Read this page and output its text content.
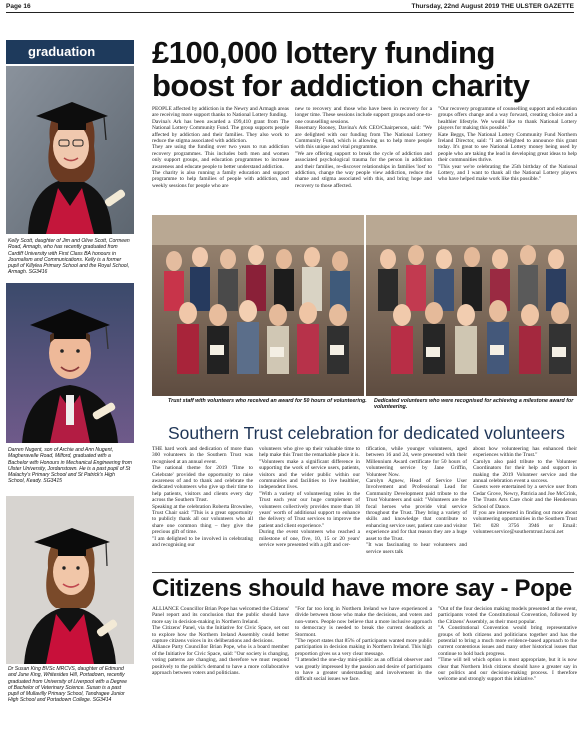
Page 16	Thursday, 22nd August 2019 THE ULSTER GAZETTE
graduation
Kelly Scott, daughter of Jim and Olive Scott, Cormeen Road, Armagh, who has recently graduated from Cardiff University with First Class BA honours in Journalism and Communications. Kelly is a former pupil of Killylea Primary School and the Royal School, Armagh. SG3416
Darren Nugent, son of Archie and Ann Nugent, Magheravelle Road, Milford, graduated with a Bachelor with Honours in Mechanical Engineering from Ulster University, Jordanstown. He is a past pupil of St Malachy's Primary School and St Patrick's High School, Keady. SG3415
Dr Susan King BVSc MRCVS, daughter of Edmund and June King, Whitesides Hill, Portadown, recently graduated from University of Liverpool with a Degree of Bachelor of Veterinary Science. Susan is a past pupil of Mullavilly Primary School, Tandragee Junior High School and Portadown College. SG3414
£100,000 lottery funding
boost for addiction charity

PEOPLE affected by addiction in the Newry and Armagh areas are receiving more support thanks to National Lottery funding.

Davina's Ark has been awarded a £99,410 grant from The National Lottery Community Fund. The group supports people affected by addiction and their families. They also work to reduce the stigma associated with addiction.

They are using the funding over two years to run addiction recovery programmes. This includes both men and women only support groups, and education programmes to increase awareness and educate people to better understand addiction.

The charity is also running a family education and support programme to help families of people with addiction, and weekly sessions for people who are

new to recovery and those who have been in recovery for a longer time. These sessions include support groups and one-to-one counselling sessions.

Rosemary Rooney, Davina's Ark CEO/Chairperson, said: "We are delighted with our funding from The National Lottery Community Fund, which is allowing us to help more people with this unique and vital programme.

"We are offering support to break the cycle of addiction and associated psychological trauma for the person in addiction and their families, re-discover relationships in families 'lost' to addiction, change the way people view addiction, reduce the shame and stigma associated with this, and bring hope and recovery to those affected.

"Our recovery programme of counselling support and education groups offers change and a way forward, creating choice and a healthier lifestyle. We would like to thank National Lottery players for making this possible."

Kate Beggs, The National Lottery Community Fund Northern Ireland Director, said: "I am delighted to announce this grant today. It's great to see National Lottery money being used by people who are taking the lead in developing great ideas to help their communities thrive.

"This year we're celebrating the 25th birthday of the National Lottery, and I want to thank all the National Lottery players who have helped make work like this possible."

Trust staff with volunteers who received an award for 50 hours of volunteering.	Dedicated volunteers who were recognised for achieving a milestone award for volunteering.
Southern Trust celebration for dedicated volunteers

THE hard work and dedication of more than 300 volunteers in the Southern Trust was recognised at an annual event.

The national theme for 2019 'Time to Celebrate' provided the opportunity to raise awareness of and to thank and celebrate the dedicated volunteers who give up their time to help patients, visitors and clients every day across the Southern Trust.

Speaking at the celebration Roberta Brownlee, Trust Chair said: "This is a great opportunity to publicly thank all our volunteers who all share one common thing – they give the precious gift of time.

"I am delighted to be involved in celebrating and recognising our

volunteers who give up their valuable time to help make this Trust the remarkable place it is.

"Volunteers make a significant difference in supporting the work of service users, patients, visitors and the wider public within our communities and facilities to live healthier, independent lives.

"With a variety of volunteering roles in the Trust each year our huge complement of volunteers collectively provides more than 18 years' worth of additional support to enhance the delivery of Trust services to improve the patient and client experience."

During the event volunteers who reached a milestone of one, five, 10, 15 or 20 years' service were presented with a gift and cer-

tification, while younger volunteers, aged between 16 and 24, were presented with their Millennium Award certificate for 50 hours of volunteering service by Jane Griffin, Volunteer Now.

Carolyn Agnew, Head of Service User Involvement and Professional Lead for Community Development paid tribute to the Trust Volunteers and said: "Volunteers are the focal heroes who provide vital service throughout the Trust. They bring a variety of skills and knowledge that contribute to enhancing service user, patient care and visitor experience and for that reason they are a huge asset to the Trust.

"It was fascinating to hear volunteers and service users talk

about how volunteering has enhanced their experiences within the Trust."

Carolyn also paid tribute to the Volunteer Coordinators for their help and support in making the 2019 Volunteer service and the annual celebration event a success.

Guests were entertained by a service user from Cedar Grove, Newry, Patricia and Joe McCrink, The Trusts Arts Care choir and the Henderson School of Dance.

If you are interested in finding out more about volunteering opportunities in the Southern Trust Tel: 028 3756 3946 or Email: volunteer.service@southerntrust.hscni.net

Citizens should have more say - Pope

ALLIANCE Councillor Brian Pope has welcomed the Citizens' Panel report and its conclusion that the public should have more say in decision-making in Northern Ireland.

The Citizens' Panel, via the Initiative for Civic Space, set out to explore how the Northern Ireland Assembly could better capture citizens voices in its deliberations and decisions.

Alliance Party Councillor Brian Pope, who is a board member of the Initiative for Civic Space, said: "Our society is changing, voting patterns are changing, and therefore we must respond positively to the public's demand to have a more collaborative approach between voters and politicians.

"For far too long in Northern Ireland we have experienced a divide between those who make the decisions, and voters and non-voters. People now believe that a more inclusive approach to democracy is needed to break the current deadlock at Stormont.

"The report states that 85% of participants wanted more public participation in decision making in Northern Ireland. This high proportion gives us a very clear message.

"I attended the one-day mini-public as an official observer and was greatly impressed by the passion and desire of participants to have a greater understanding and involvement in the difficult social issues we face.

"Out of the four decision making models presented at the event, participants voted the Constitutional Convention, followed by the Citizens' Assembly, as their most popular.

"A Constitutional Convention would bring representative groups of both citizens and politicians together and has the potential to bring a much more evidence-based approach to the current contentious issues and many other historical issues that continue to hold back progress.

"Time will tell which option is most appropriate, but it is now clear that Northern Irish citizens should have a greater say in our politics and our decision-making process. I therefore welcome and strongly support this initiative."
